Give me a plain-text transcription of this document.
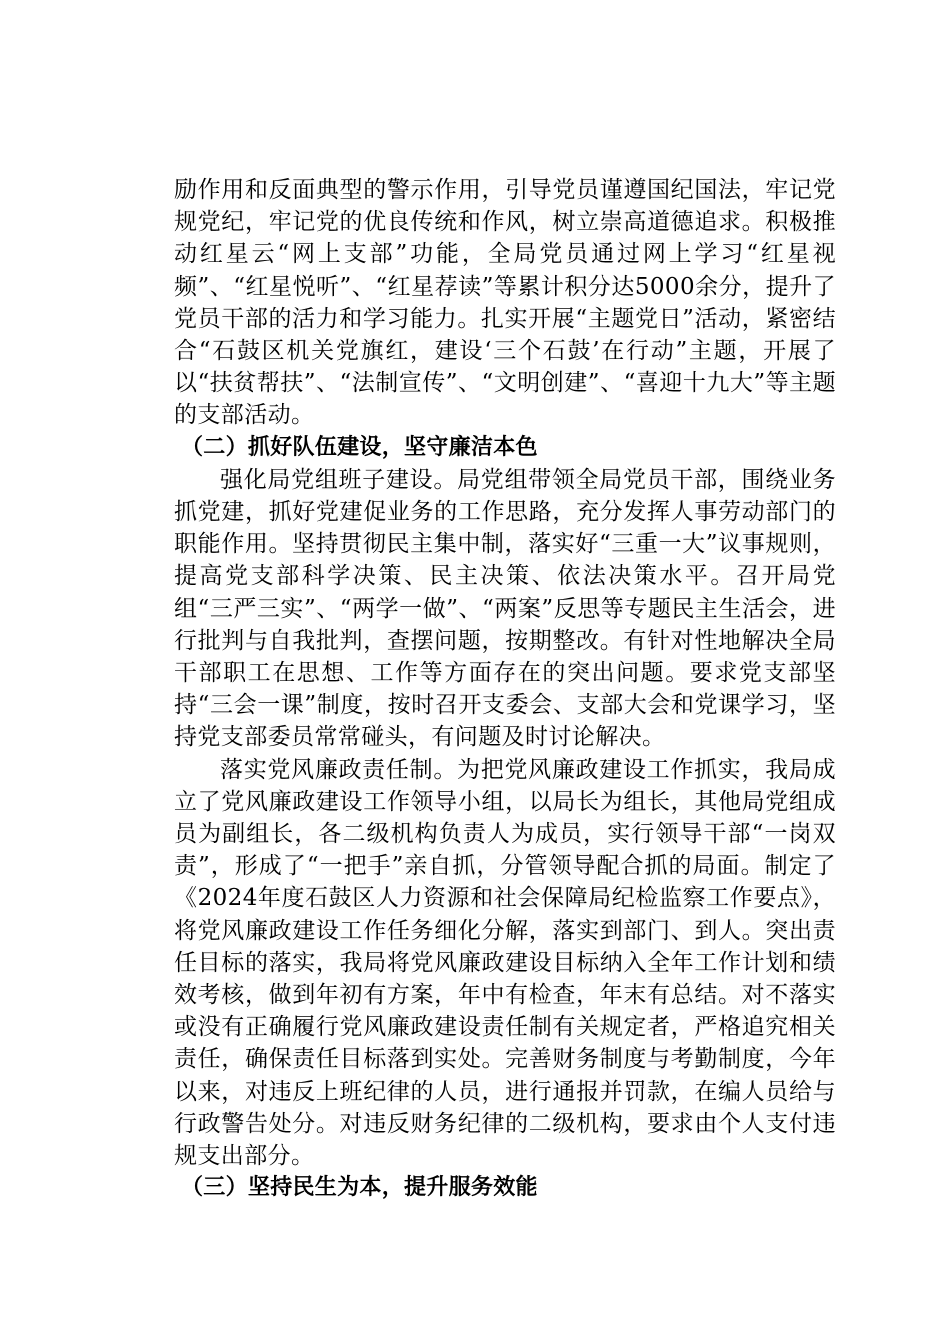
励作用和反面典型的警示作用，引导党员谨遵国纪国法，牢记党规党纪，牢记党的优良传统和作风，树立崇高道德追求。积极推动红星云“网上支部”功能，全局党员通过网上学习“红星视频”、“红星悦听”、“红星荐读”等累计积分达5000余分，提升了党员干部的活力和学习能力。扎实开展“主题党日”活动，紧密结合“石鼓区机关党旗红，建设‘三个石鼓’在行动”主题，开展了以“扶贫帮扶”、“法制宣传”、“文明创建”、“喜迎十九大”等主题的支部活动。

（二）抓好队伍建设，坚守廉洁本色

强化局党组班子建设。局党组带领全局党员干部，围绕业务抓党建，抓好党建促业务的工作思路，充分发挥人事劳动部门的职能作用。坚持贯彻民主集中制，落实好“三重一大”议事规则，提高党支部科学决策、民主决策、依法决策水平。召开局党组“三严三实”、“两学一做”、“两案”反思等专题民主生活会，进行批判与自我批判，查摆问题，按期整改。有针对性地解决全局干部职工在思想、工作等方面存在的突出问题。要求党支部坚持“三会一课”制度，按时召开支委会、支部大会和党课学习，坚持党支部委员常常碰头，有问题及时讨论解决。

落实党风廉政责任制。为把党风廉政建设工作抓实，我局成立了党风廉政建设工作领导小组，以局长为组长，其他局党组成员为副组长，各二级机构负责人为成员，实行领导干部“一岗双责”，形成了“一把手”亲自抓，分管领导配合抓的局面。制定了《2024年度石鼓区人力资源和社会保障局纪检监察工作要点》，将党风廉政建设工作任务细化分解，落实到部门、到人。突出责任目标的落实，我局将党风廉政建设目标纳入全年工作计划和绩效考核，做到年初有方案，年中有检查，年末有总结。对不落实或没有正确履行党风廉政建设责任制有关规定者，严格追究相关责任，确保责任目标落到实处。完善财务制度与考勤制度，今年以来，对违反上班纪律的人员，进行通报并罚款，在编人员给与行政警告处分。对违反财务纪律的二级机构，要求由个人支付违规支出部分。

（三）坚持民生为本，提升服务效能
